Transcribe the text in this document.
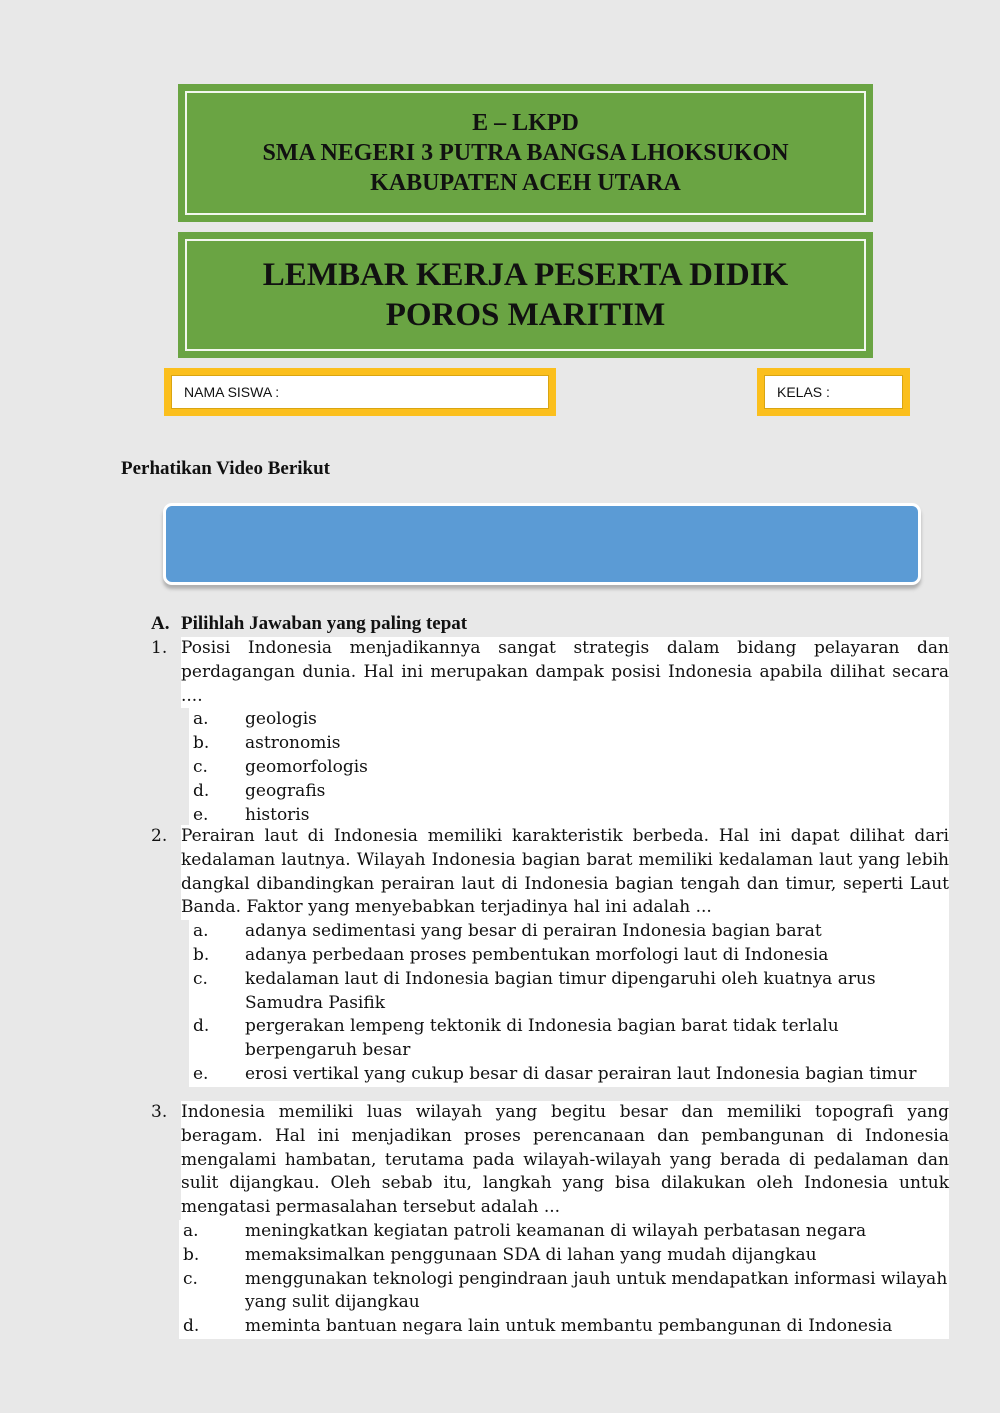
E – LKPD
SMA NEGERI 3 PUTRA BANGSA LHOKSUKON
KABUPATEN ACEH UTARA
LEMBAR KERJA PESERTA DIDIK
POROS MARITIM
NAMA SISWA :	KELAS :
Perhatikan Video Berikut
A. Pilihlah Jawaban yang paling tepat
1. Posisi Indonesia menjadikannya sangat strategis dalam bidang pelayaran dan perdagangan dunia. Hal ini merupakan dampak posisi Indonesia apabila dilihat secara ....
a.	geologis
b.	astronomis
c.	geomorfologis
d.	geografis
e.	historis
2. Perairan laut di Indonesia memiliki karakteristik berbeda. Hal ini dapat dilihat dari kedalaman lautnya. Wilayah Indonesia bagian barat memiliki kedalaman laut yang lebih dangkal dibandingkan perairan laut di Indonesia bagian tengah dan timur, seperti Laut Banda. Faktor yang menyebabkan terjadinya hal ini adalah ...
a.	adanya sedimentasi yang besar di perairan Indonesia bagian barat
b.	adanya perbedaan proses pembentukan morfologi laut di Indonesia
c.	kedalaman laut di Indonesia bagian timur dipengaruhi oleh kuatnya arus Samudra Pasifik
d.	pergerakan lempeng tektonik di Indonesia bagian barat tidak terlalu berpengaruh besar
e.	erosi vertikal yang cukup besar di dasar perairan laut Indonesia bagian timur
3. Indonesia memiliki luas wilayah yang begitu besar dan memiliki topografi yang beragam. Hal ini menjadikan proses perencanaan dan pembangunan di Indonesia mengalami hambatan, terutama pada wilayah-wilayah yang berada di pedalaman dan sulit dijangkau. Oleh sebab itu, langkah yang bisa dilakukan oleh Indonesia untuk mengatasi permasalahan tersebut adalah ...
a.	meningkatkan kegiatan patroli keamanan di wilayah perbatasan negara
b.	memaksimalkan penggunaan SDA di lahan yang mudah dijangkau
c.	menggunakan teknologi pengindraan jauh untuk mendapatkan informasi wilayah yang sulit dijangkau
d.	meminta bantuan negara lain untuk membantu pembangunan di Indonesia
